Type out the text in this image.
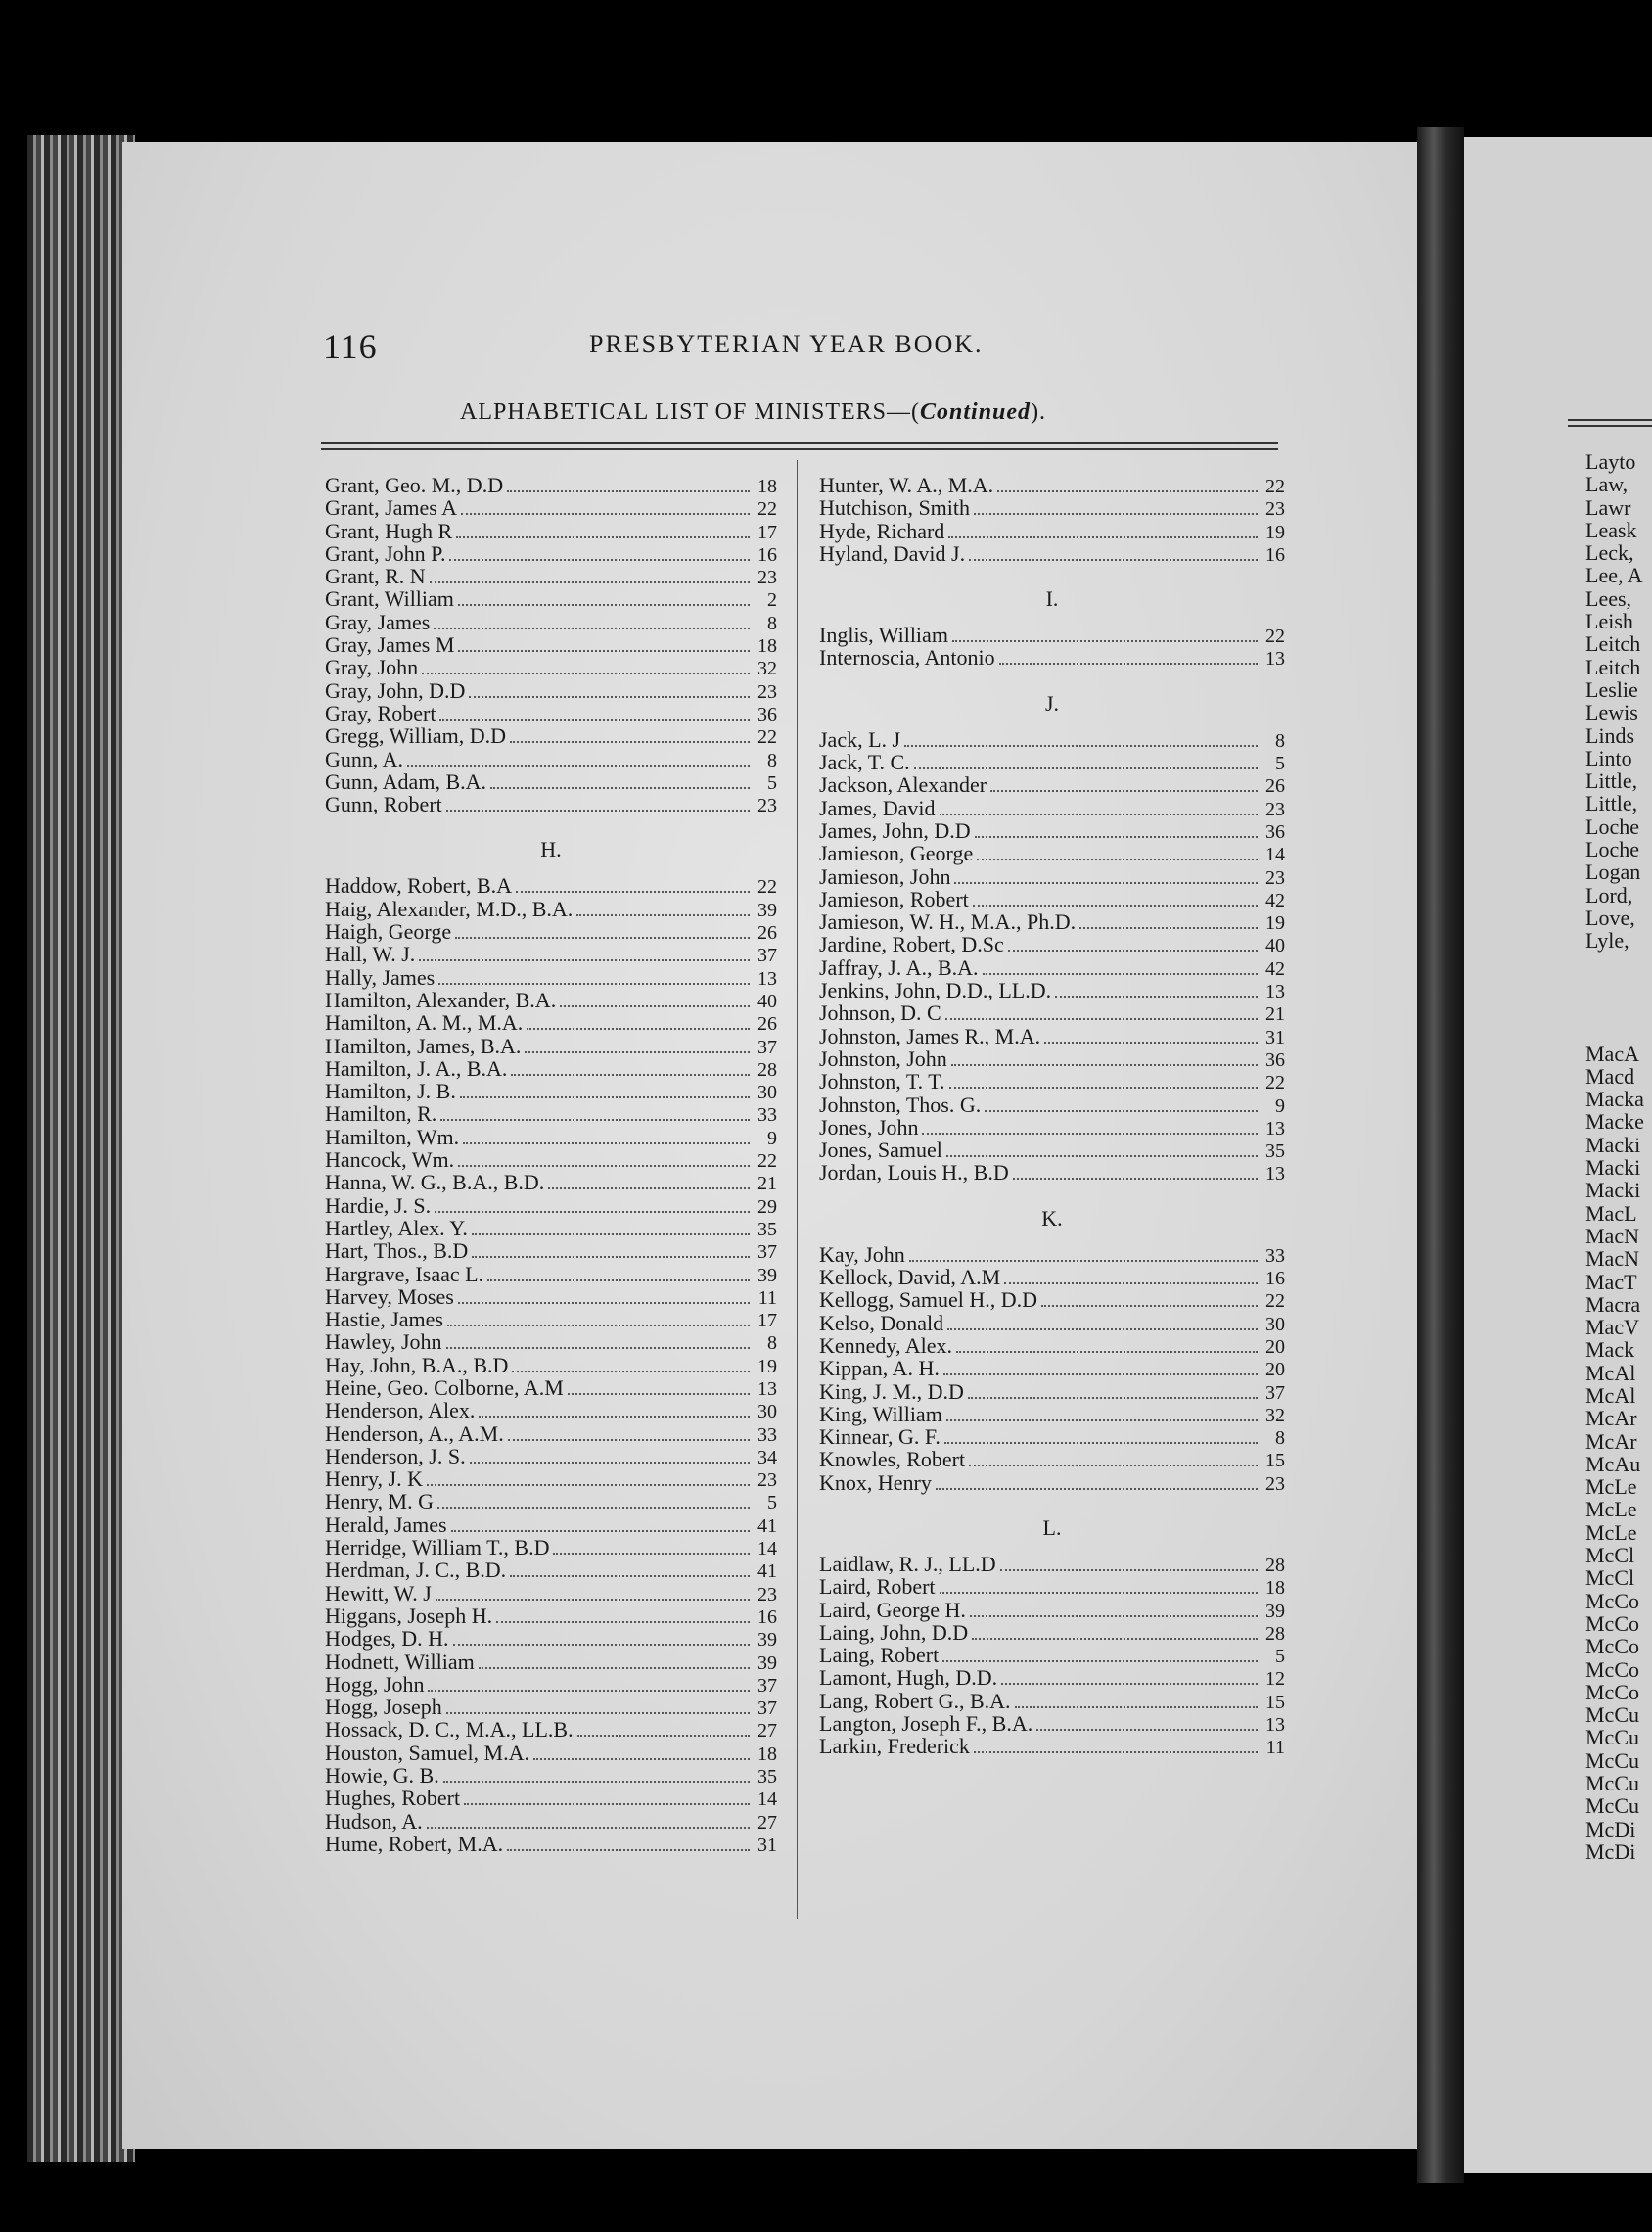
116	PRESBYTERIAN YEAR BOOK.
ALPHABETICAL LIST OF MINISTERS—(Continued).
Grant, Geo. M., D.D	18
Grant, James A	22
Grant, Hugh R	17
Grant, John P.	16
Grant, R. N	23
Grant, William	2
Gray, James	8
Gray, James M	18
Gray, John	32
Gray, John, D.D	23
Gray, Robert	36
Gregg, William, D.D	22
Gunn, A.	8
Gunn, Adam, B.A.	5
Gunn, Robert	23
H.
Haddow, Robert, B.A	22
Haig, Alexander, M.D., B.A.	39
Haigh, George	26
Hall, W. J.	37
Hally, James	13
Hamilton, Alexander, B.A.	40
Hamilton, A. M., M.A.	26
Hamilton, James, B.A.	37
Hamilton, J. A., B.A.	28
Hamilton, J. B.	30
Hamilton, R.	33
Hamilton, Wm.	9
Hancock, Wm.	22
Hanna, W. G., B.A., B.D.	21
Hardie, J. S.	29
Hartley, Alex. Y.	35
Hart, Thos., B.D	37
Hargrave, Isaac L.	39
Harvey, Moses	11
Hastie, James	17
Hawley, John	8
Hay, John, B.A., B.D	19
Heine, Geo. Colborne, A.M	13
Henderson, Alex.	30
Henderson, A., A.M.	33
Henderson, J. S.	34
Henry, J. K	23
Henry, M. G	5
Herald, James	41
Herridge, William T., B.D	14
Herdman, J. C., B.D.	41
Hewitt, W. J	23
Higgans, Joseph H.	16
Hodges, D. H.	39
Hodnett, William	39
Hogg, John	37
Hogg, Joseph	37
Hossack, D. C., M.A., LL.B.	27
Houston, Samuel, M.A.	18
Howie, G. B.	35
Hughes, Robert	14
Hudson, A.	27
Hume, Robert, M.A.	31
Hunter, W. A., M.A.	22
Hutchison, Smith	23
Hyde, Richard	19
Hyland, David J.	16
I.
Inglis, William	22
Internoscia, Antonio	13
J.
Jack, L. J	8
Jack, T. C.	5
Jackson, Alexander	26
James, David	23
James, John, D.D	36
Jamieson, George	14
Jamieson, John	23
Jamieson, Robert	42
Jamieson, W. H., M.A., Ph.D.	19
Jardine, Robert, D.Sc	40
Jaffray, J. A., B.A.	42
Jenkins, John, D.D., LL.D.	13
Johnson, D. C	21
Johnston, James R., M.A.	31
Johnston, John	36
Johnston, T. T.	22
Johnston, Thos. G.	9
Jones, John	13
Jones, Samuel	35
Jordan, Louis H., B.D	13
K.
Kay, John	33
Kellock, David, A.M	16
Kellogg, Samuel H., D.D	22
Kelso, Donald	30
Kennedy, Alex.	20
Kippan, A. H.	20
King, J. M., D.D	37
King, William	32
Kinnear, G. F.	8
Knowles, Robert	15
Knox, Henry	23
L.
Laidlaw, R. J., LL.D	28
Laird, Robert	18
Laird, George H.	39
Laing, John, D.D	28
Laing, Robert	5
Lamont, Hugh, D.D.	12
Lang, Robert G., B.A.	15
Langton, Joseph F., B.A.	13
Larkin, Frederick	11
Layto
Law,
Lawr
Leask
Leck,
Lee, A
Lees,
Leish
Leitch
Leitch
Leslie
Lewis
Linds
Linto
Little,
Little,
Loche
Loche
Logan
Lord,
Love,
Lyle,
MacA
Macd
Macka
Macke
Macki
Macki
Macki
MacL
MacN
MacN
MacT
Macra
MacV
Mack
McAl
McAl
McAr
McAr
McAu
McLe
McLe
McLe
McCl
McCl
McCo
McCo
McCo
McCo
McCo
McCu
McCu
McCu
McCu
McCu
McDi
McDi
